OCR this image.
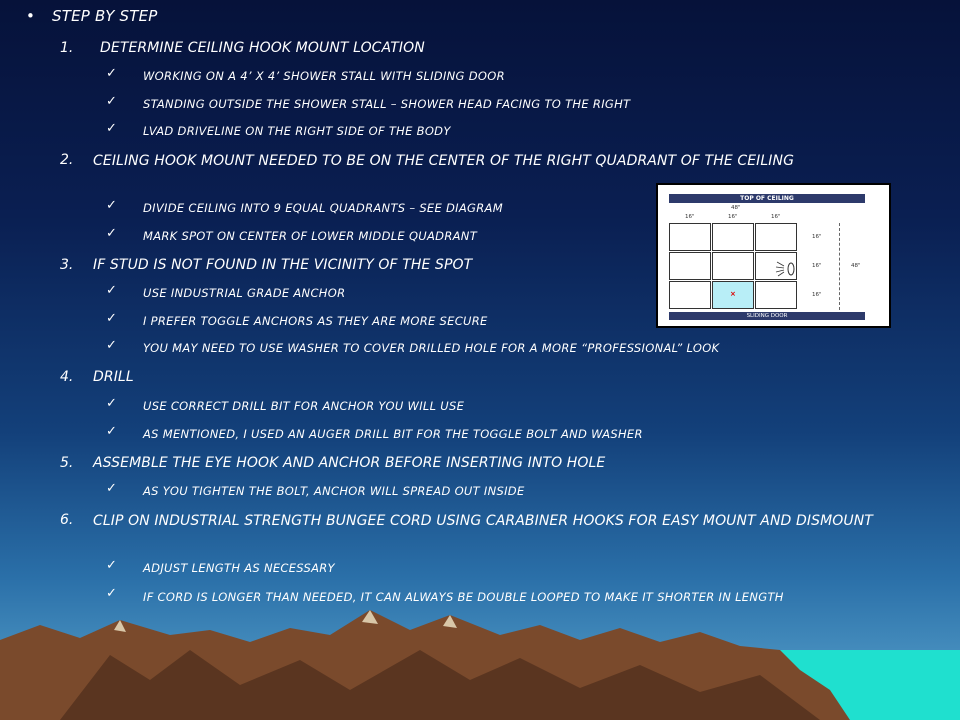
• STEP BY STEP
1. DETERMINE CEILING HOOK MOUNT LOCATION
✓ WORKING ON A 4’ X 4’ SHOWER STALL WITH SLIDING DOOR
✓ STANDING OUTSIDE THE SHOWER STALL – SHOWER HEAD FACING TO THE RIGHT
✓ LVAD DRIVELINE ON THE RIGHT SIDE OF THE BODY
2. CEILING HOOK MOUNT NEEDED TO BE ON THE CENTER OF THE RIGHT QUADRANT OF THE CEILING
✓ DIVIDE CEILING INTO 9 EQUAL QUADRANTS – SEE DIAGRAM
✓ MARK SPOT ON CENTER OF LOWER MIDDLE QUADRANT
3. IF STUD IS NOT FOUND IN THE VICINITY OF THE SPOT
✓ USE INDUSTRIAL GRADE ANCHOR
✓ I PREFER TOGGLE ANCHORS AS THEY ARE MORE SECURE
✓ YOU MAY NEED TO USE WASHER TO COVER DRILLED HOLE FOR A MORE “PROFESSIONAL” LOOK
4. DRILL
✓ USE CORRECT DRILL BIT FOR ANCHOR YOU WILL USE
✓ AS MENTIONED, I USED AN AUGER DRILL BIT FOR THE TOGGLE BOLT AND WASHER
5. ASSEMBLE THE EYE HOOK AND ANCHOR BEFORE INSERTING INTO HOLE
✓ AS YOU TIGHTEN THE BOLT, ANCHOR WILL SPREAD OUT INSIDE
6. CLIP ON INDUSTRIAL STRENGTH BUNGEE CORD USING CARABINER HOOKS FOR EASY MOUNT AND DISMOUNT
✓ ADJUST LENGTH AS NECESSARY
✓ IF CORD IS LONGER THAN NEEDED, IT CAN ALWAYS BE DOUBLE LOOPED TO MAKE IT SHORTER IN LENGTH
TOP OF CEILING
48"
16"	16"	16"
×
16"
16"
16"
48"
SLIDING DOOR
